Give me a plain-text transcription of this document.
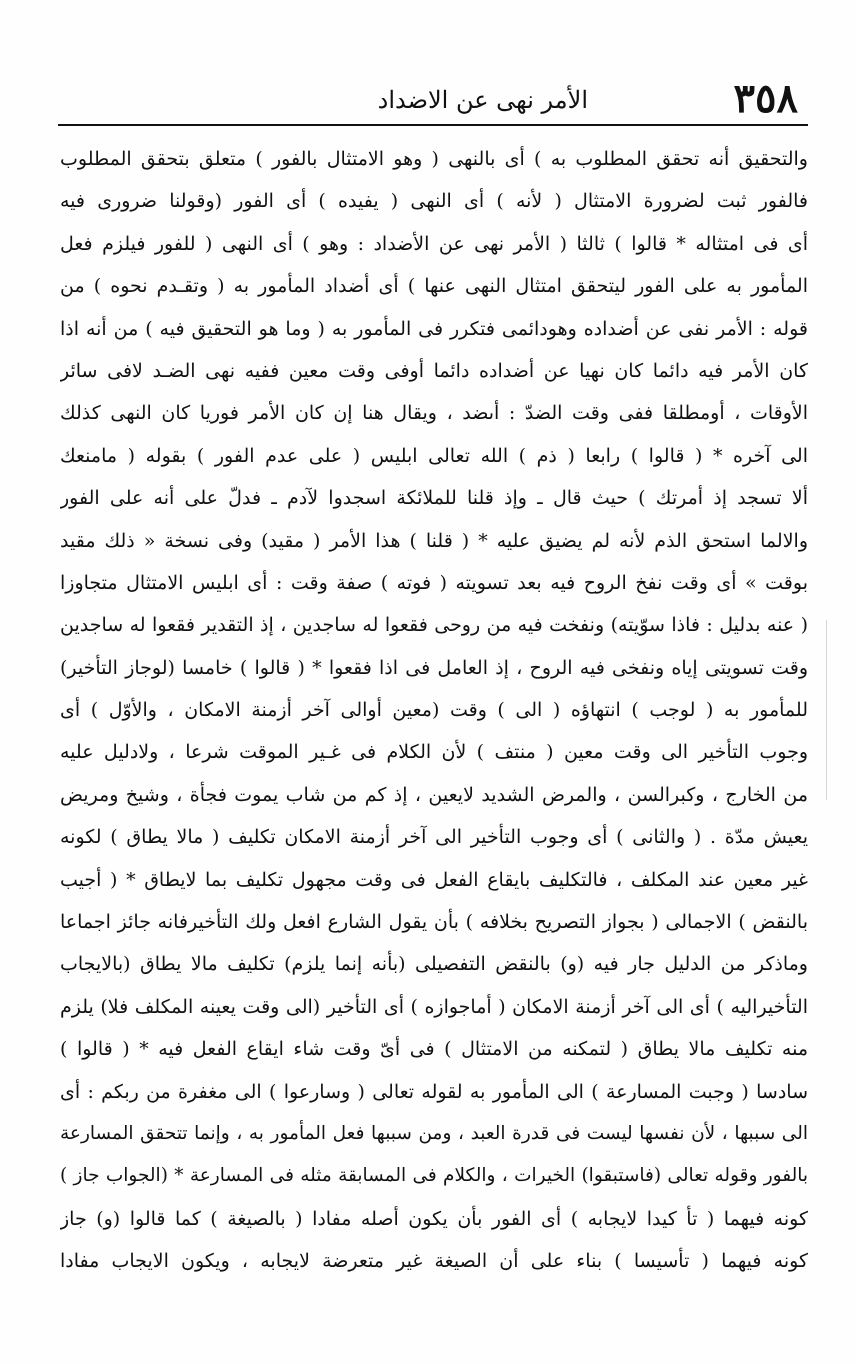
٣٥٨
الأمر نهى عن الاضداد
والتحقيق أنه تحقق المطلوب به ) أى بالنهى ( وهو الامتثال بالفور ) متعلق بتحقق المطلوب
فالفور ثبت لضرورة الامتثال ( لأنه ) أى النهى ( يفيده ) أى الفور (وقولنا ضرورى فيه
أى فى امتثاله * قالوا ) ثالثا ( الأمر نهى عن الأضداد : وهو ) أى النهى ( للفور فيلزم فعل
المأمور به على الفور ليتحقق امتثال النهى عنها ) أى أضداد المأمور به ( وتقـدم نحوه ) من
قوله : الأمر نفى عن أضداده وهودائمى فتكرر فى المأمور به ( وما هو التحقيق فيه ) من أنه اذا
كان الأمر فيه دائما كان نهيا عن أضداده دائما أوفى وقت معين ففيه نهى الضـد لافى سائر
الأوقات ، أومطلقا ففى وقت الضدّ : أىضد ، ويقال هنا إن كان الأمر فوريا كان النهى كذلك
الى آخره * ( قالوا ) رابعا ( ذم ) الله تعالى ابليس ( على عدم الفور ) بقوله ( مامنعك
ألا تسجد إذ أمرتك ) حيث قال ـ وإذ قلنا للملائكة اسجدوا لآدم ـ فدلّ على أنه على الفور
والالما استحق الذم لأنه لم يضيق عليه * ( قلنا ) هذا الأمر ( مقيد) وفى نسخة « ذلك مقيد
بوقت » أى وقت نفخ الروح فيه بعد تسويته ( فوته ) صفة وقت : أى ابليس الامتثال متجاوزا
( عنه بدليل : فاذا سوّيته) ونفخت فيه من روحى فقعوا له ساجدين ، إذ التقدير فقعوا له ساجدين
وقت تسويتى إياه ونفخى فيه الروح ، إذ العامل فى اذا فقعوا * ( قالوا ) خامسا (لوجاز التأخير)
للمأمور به ( لوجب ) انتهاؤه ( الى ) وقت (معين أوالى آخر أزمنة الامكان ، والأوّل ) أى
وجوب التأخير الى وقت معين ( منتف ) لأن الكلام فى غـير الموقت شرعا ، ولادليل عليه
من الخارج ، وكبرالسن ، والمرض الشديد لايعين ، إذ كم من شاب يموت فجأة ، وشيخ ومريض
يعيش مدّة . ( والثانى ) أى وجوب التأخير الى آخر أزمنة الامكان تكليف ( مالا يطاق ) لكونه
غير معين عند المكلف ، فالتكليف بايقاع الفعل فى وقت مجهول تكليف بما لايطاق * ( أجيب
بالنقض ) الاجمالى ( بجواز التصريح بخلافه ) بأن يقول الشارع افعل ولك التأخيرفانه جائز اجماعا
وماذكر من الدليل جار فيه (و) بالنقض التفصيلى (بأنه إنما يلزم) تكليف مالا يطاق (بالايجاب
التأخيراليه ) أى الى آخر أزمنة الامكان ( أماجوازه ) أى التأخير (الى وقت يعينه المكلف فلا) يلزم
منه تكليف مالا يطاق ( لتمكنه من الامتثال ) فى أىّ وقت شاء ايقاع الفعل فيه * ( قالوا )
سادسا ( وجبت المسارعة ) الى المأمور به لقوله تعالى ( وسارعوا ) الى مغفرة من ربكم : أى
الى سببها ، لأن نفسها ليست فى قدرة العبد ، ومن سببها فعل المأمور به ، وإنما تتحقق المسارعة
بالفور وقوله تعالى (فاستبقوا) الخيرات ، والكلام فى المسابقة مثله فى المسارعة * (الجواب جاز )
كونه فيهما ( تأ كيدا لايجابه ) أى الفور بأن يكون أصله مفادا ( بالصيغة ) كما قالوا (و) جاز
كونه فيهما ( تأسيسا ) بناء على أن الصيغة غير متعرضة لايجابه ، ويكون الايجاب مفادا
